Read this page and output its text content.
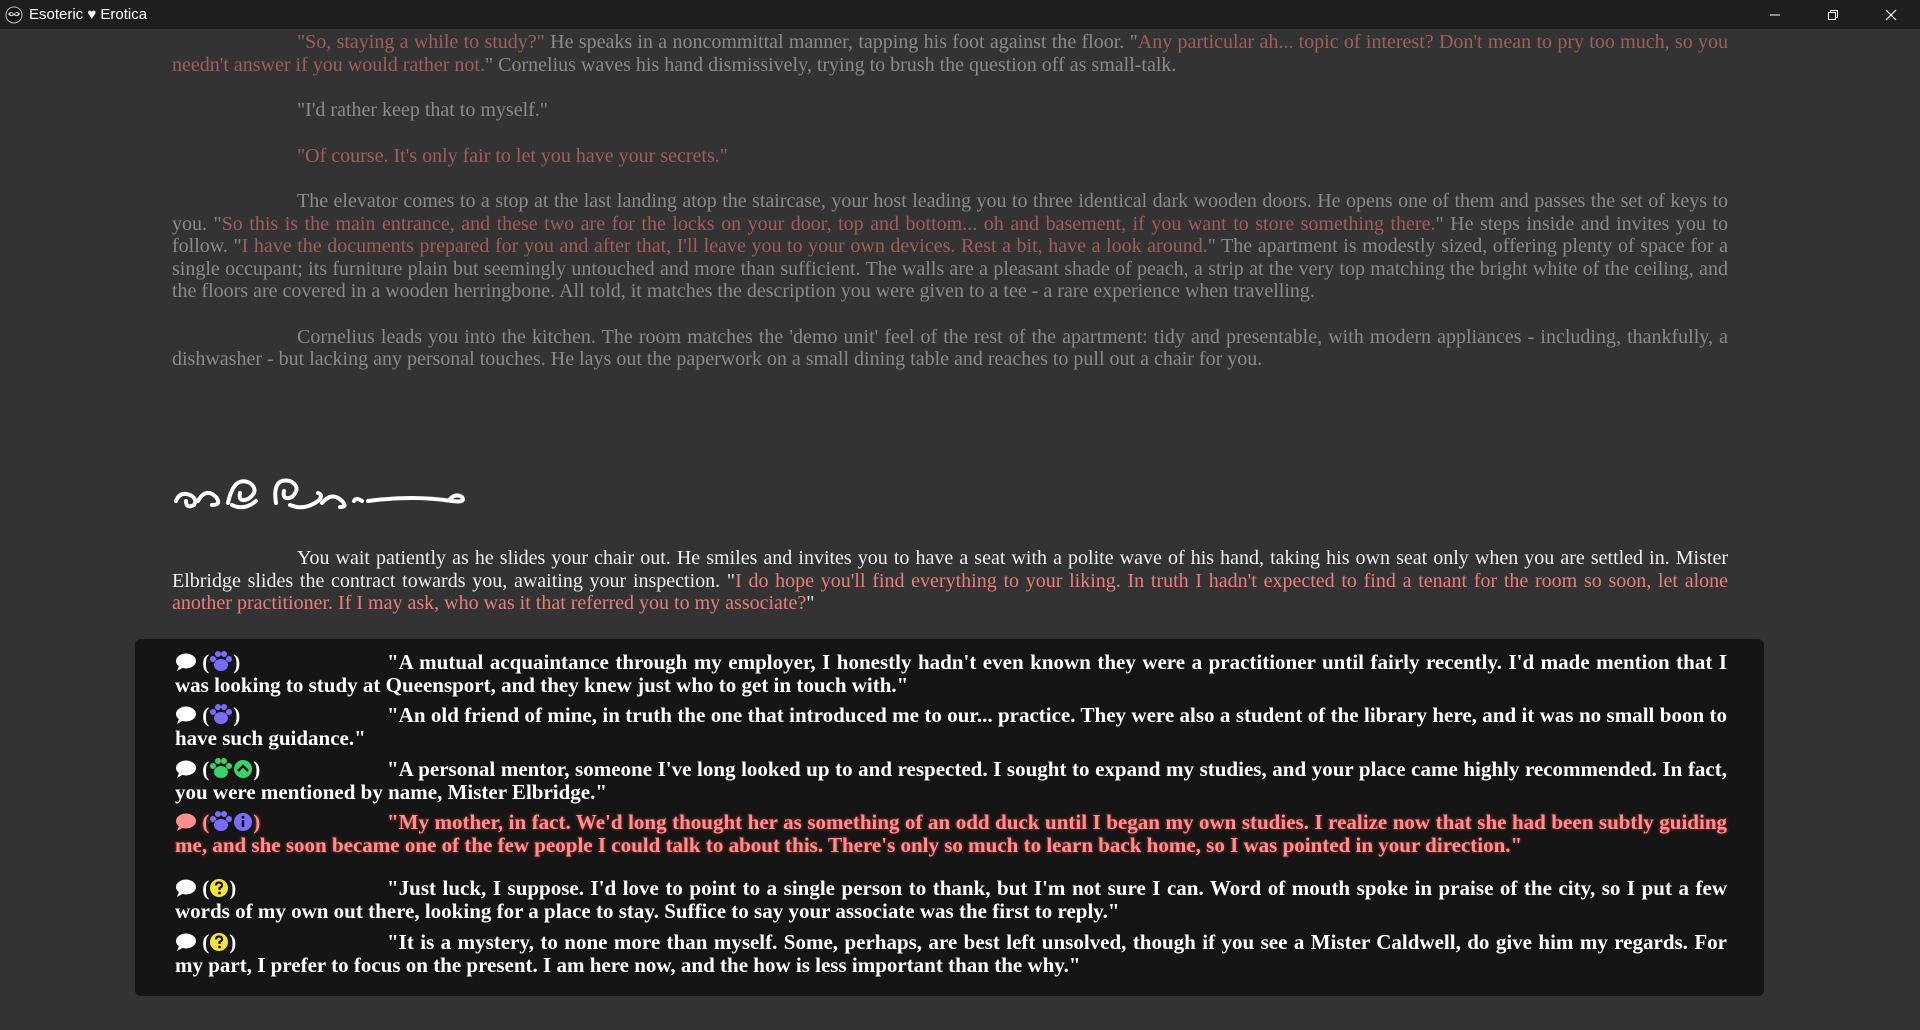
Esoteric ♥ Erotica

"So, staying a while to study?" He speaks in a noncommittal manner, tapping his foot against the floor. "Any particular ah... topic of interest? Don't mean to pry too much, so you needn't answer if you would rather not." Cornelius waves his hand dismissively, trying to brush the question off as small-talk.

"I'd rather keep that to myself."

"Of course. It's only fair to let you have your secrets."

The elevator comes to a stop at the last landing atop the staircase, your host leading you to three identical dark wooden doors. He opens one of them and passes the set of keys to you. "So this is the main entrance, and these two are for the locks on your door, top and bottom... oh and basement, if you want to store something there." He steps inside and invites you to follow. "I have the documents prepared for you and after that, I'll leave you to your own devices. Rest a bit, have a look around." The apartment is modestly sized, offering plenty of space for a single occupant; its furniture plain but seemingly untouched and more than sufficient. The walls are a pleasant shade of peach, a strip at the very top matching the bright white of the ceiling, and the floors are covered in a wooden herringbone. All told, it matches the description you were given to a tee - a rare experience when travelling.

Cornelius leads you into the kitchen. The room matches the 'demo unit' feel of the rest of the apartment: tidy and presentable, with modern appliances - including, thankfully, a dishwasher - but lacking any personal touches. He lays out the paperwork on a small dining table and reaches to pull out a chair for you.

You wait patiently as he slides your chair out. He smiles and invites you to have a seat with a polite wave of his hand, taking his own seat only when you are settled in. Mister Elbridge slides the contract towards you, awaiting your inspection. "I do hope you'll find everything to your liking. In truth I hadn't expected to find a tenant for the room so soon, let alone another practitioner. If I may ask, who was it that referred you to my associate?"

( )	"A mutual acquaintance through my employer, I honestly hadn't even known they were a practitioner until fairly recently. I'd made mention that I was looking to study at Queensport, and they knew just who to get in touch with."
( )	"An old friend of mine, in truth the one that introduced me to our... practice. They were also a student of the library here, and it was no small boon to have such guidance."
( )	"A personal mentor, someone I've long looked up to and respected. I sought to expand my studies, and your place came highly recommended. In fact, you were mentioned by name, Mister Elbridge."
( )	"My mother, in fact. We'd long thought her as something of an odd duck until I began my own studies. I realize now that she had been subtly guiding me, and she soon became one of the few people I could talk to about this. There's only so much to learn back home, so I was pointed in your direction."
( )	"Just luck, I suppose. I'd love to point to a single person to thank, but I'm not sure I can. Word of mouth spoke in praise of the city, so I put a few words of my own out there, looking for a place to stay. Suffice to say your associate was the first to reply."
( )	"It is a mystery, to none more than myself. Some, perhaps, are best left unsolved, though if you see a Mister Caldwell, do give him my regards. For my part, I prefer to focus on the present. I am here now, and the how is less important than the why."
